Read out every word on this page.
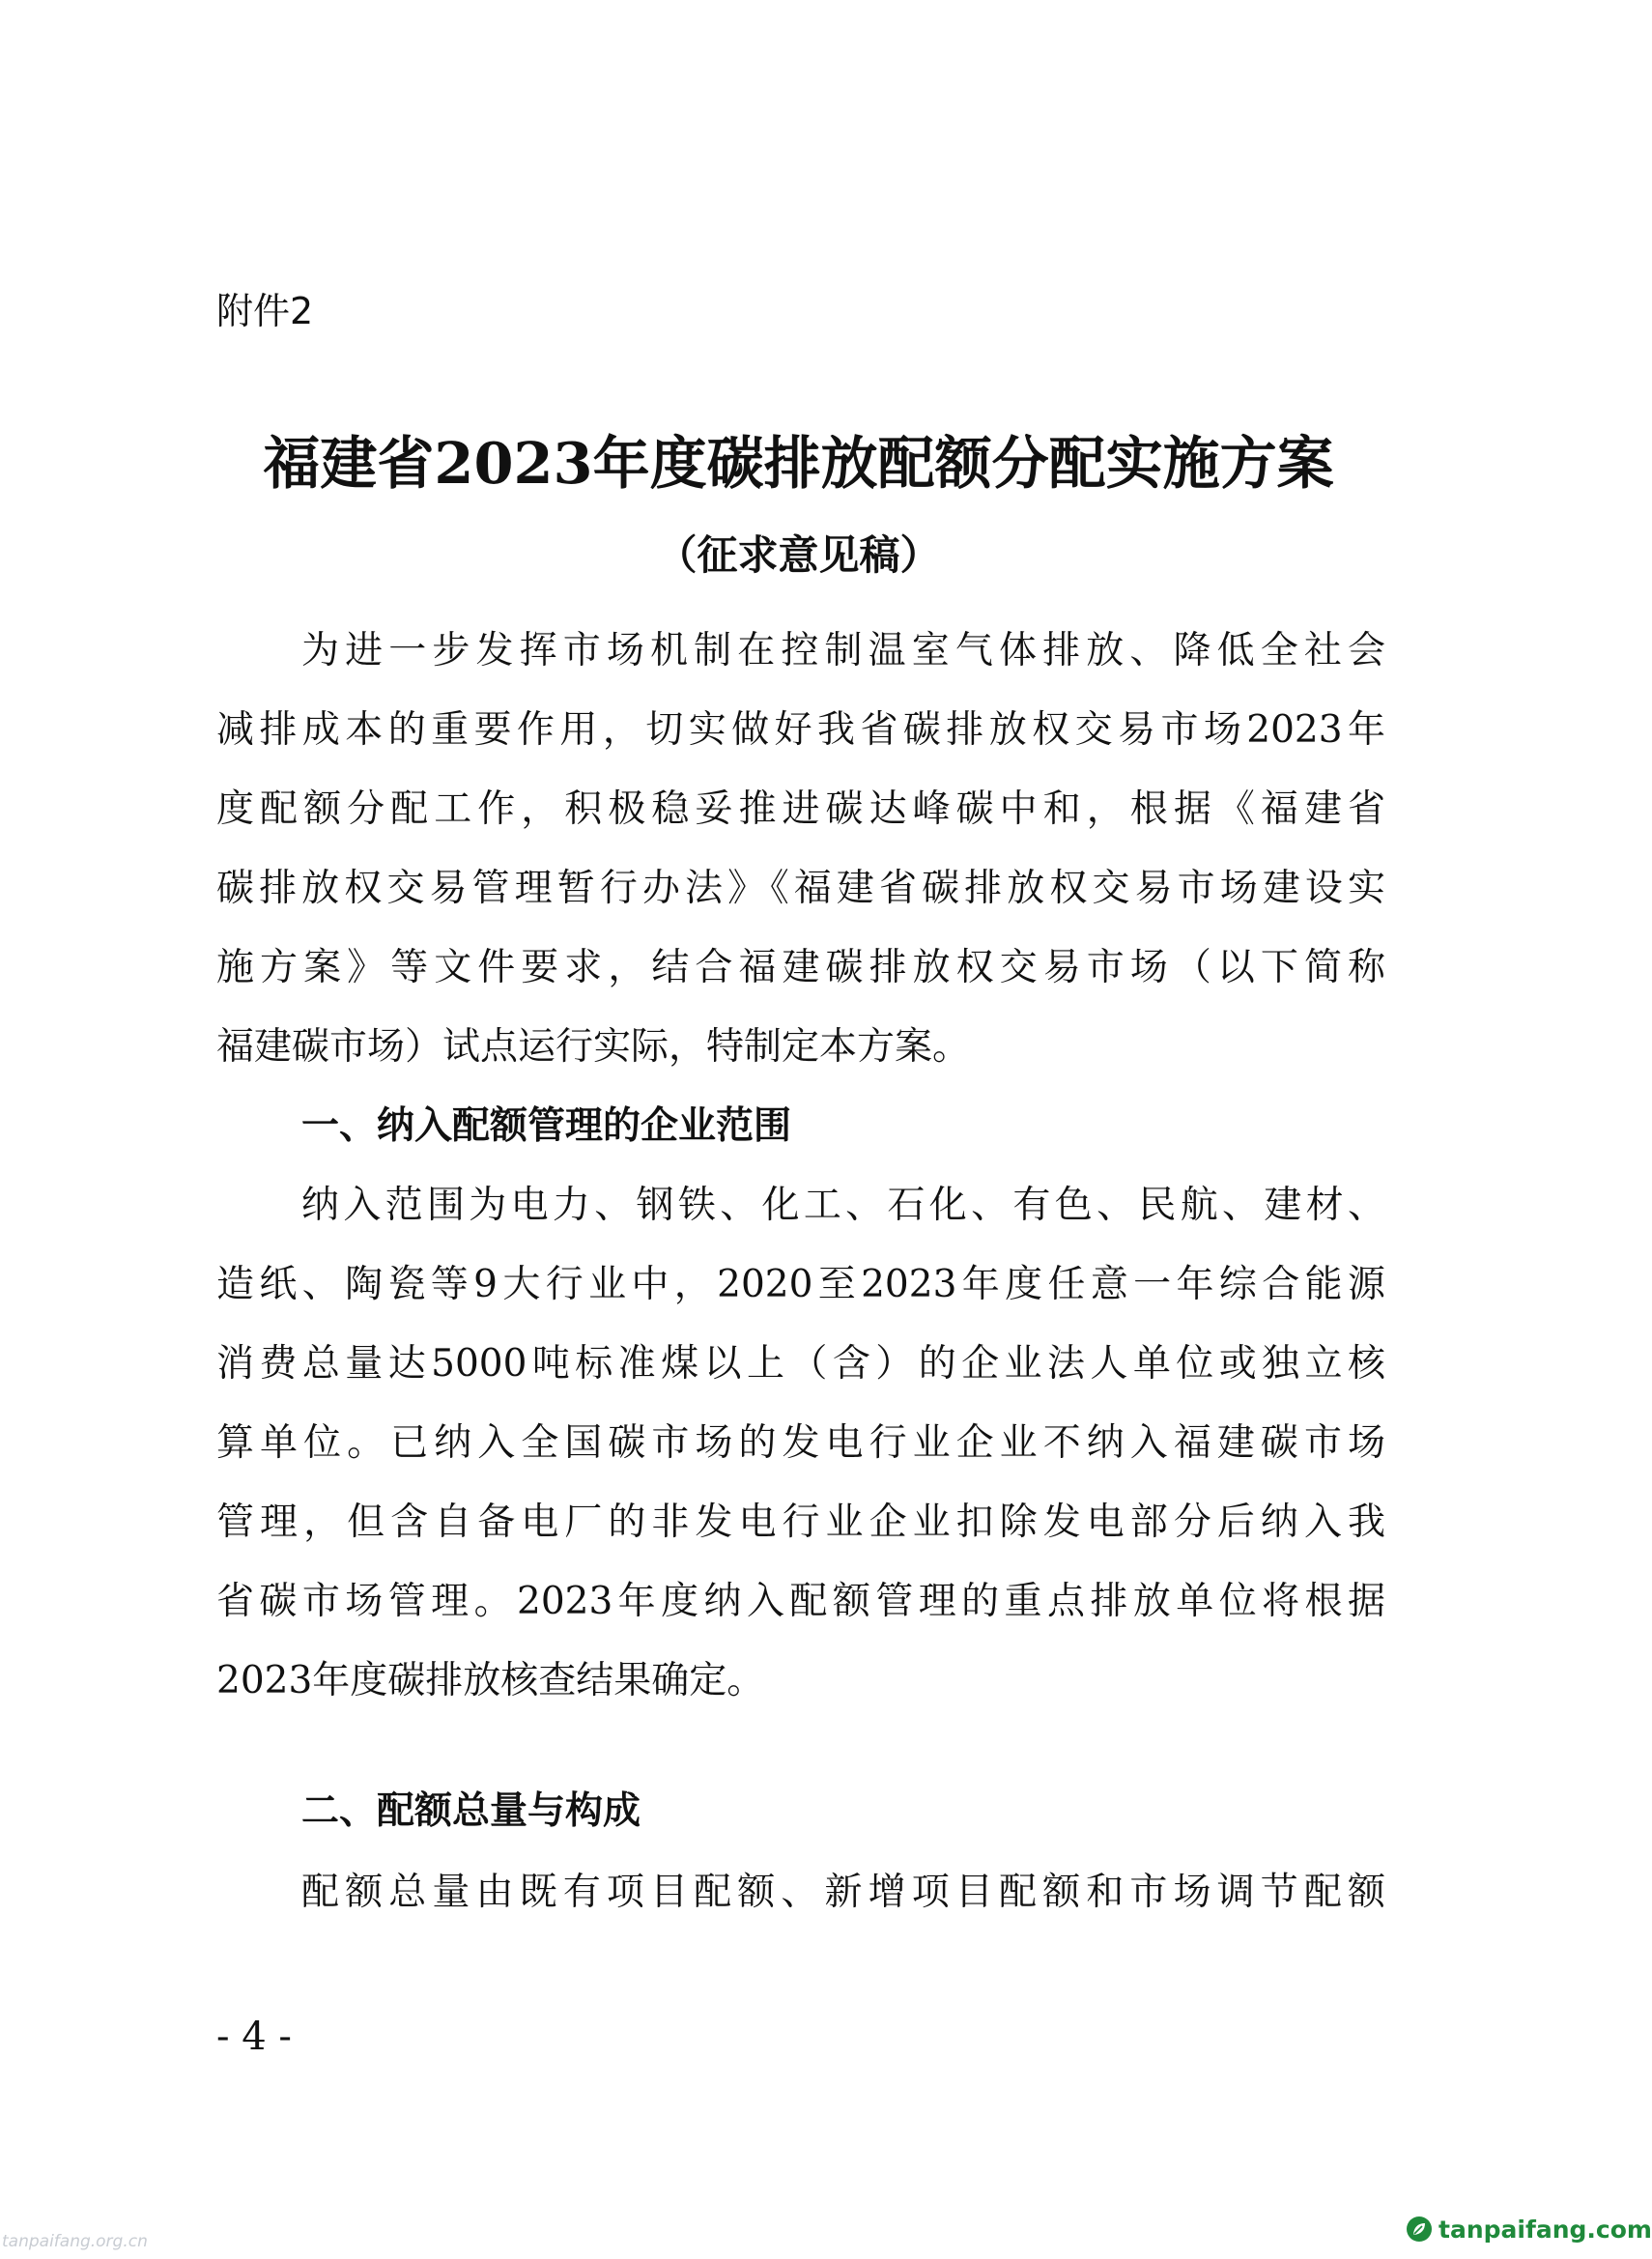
附件2
福建省2023年度碳排放配额分配实施方案
（征求意见稿）

为进一步发挥市场机制在控制温室气体排放、降低全社会

减排成本的重要作用，切实做好我省碳排放权交易市场2023年

度配额分配工作，积极稳妥推进碳达峰碳中和，根据《福建省

碳排放权交易管理暂行办法》《福建省碳排放权交易市场建设实

施方案》等文件要求，结合福建碳排放权交易市场（以下简称

福建碳市场）试点运行实际，特制定本方案。

一、纳入配额管理的企业范围

纳入范围为电力、钢铁、化工、石化、有色、民航、建材、

造纸、陶瓷等9大行业中，2020至2023年度任意一年综合能源

消费总量达5000吨标准煤以上（含）的企业法人单位或独立核

算单位。已纳入全国碳市场的发电行业企业不纳入福建碳市场

管理，但含自备电厂的非发电行业企业扣除发电部分后纳入我

省碳市场管理。2023年度纳入配额管理的重点排放单位将根据

2023年度碳排放核查结果确定。

二、配额总量与构成

配额总量由既有项目配额、新增项目配额和市场调节配额

- 4 -
tanpaifang.org.cn	tanpaifang.com
